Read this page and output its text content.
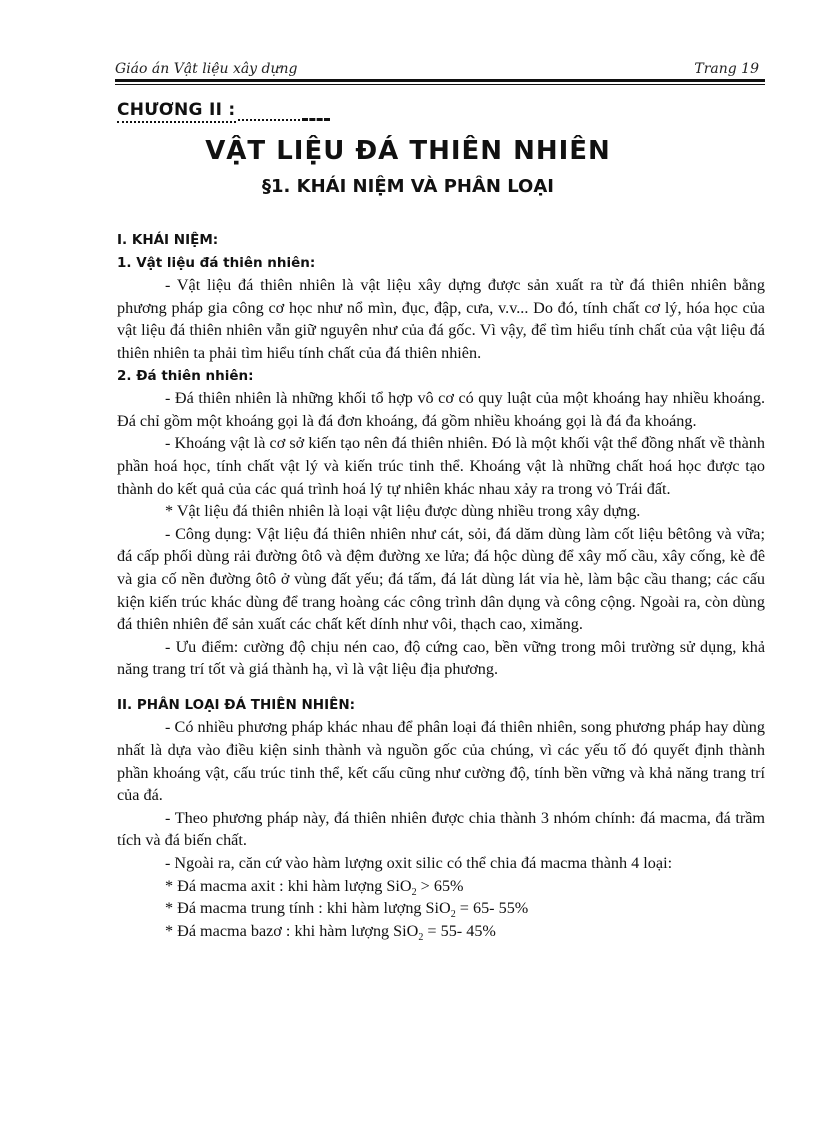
Giáo án Vật liệu xây dựng	Trang 19
CHƯƠNG II :
VẬT LIỆU ĐÁ THIÊN NHIÊN
§1. KHÁI NIỆM VÀ PHÂN LOẠI
I. KHÁI NIỆM:
1. Vật liệu đá thiên nhiên:

- Vật liệu đá thiên nhiên là vật liệu xây dựng được sản xuất ra từ đá thiên nhiên bằng phương pháp gia công cơ học như nổ mìn, đục, đập, cưa, v.v... Do đó, tính chất cơ lý, hóa học của vật liệu đá thiên nhiên vẫn giữ nguyên như của đá gốc. Vì vậy, để tìm hiểu tính chất của vật liệu đá thiên nhiên ta phải tìm hiểu tính chất của đá thiên nhiên.

2. Đá thiên nhiên:

- Đá thiên nhiên là những khối tổ hợp vô cơ có quy luật của một khoáng hay nhiều khoáng. Đá chỉ gồm một khoáng gọi là đá đơn khoáng, đá gồm nhiều khoáng gọi là đá đa khoáng.

- Khoáng vật là cơ sở kiến tạo nên đá thiên nhiên. Đó là một khối vật thể đồng nhất về thành phần hoá học, tính chất vật lý và kiến trúc tinh thể. Khoáng vật là những chất hoá học được tạo thành do kết quả của các quá trình hoá lý tự nhiên khác nhau xảy ra trong vỏ Trái đất.

* Vật liệu đá thiên nhiên là loại vật liệu được dùng nhiều trong xây dựng.

- Công dụng: Vật liệu đá thiên nhiên như cát, sỏi, đá dăm dùng làm cốt liệu bêtông và vữa; đá cấp phối dùng rải đường ôtô và đệm đường xe lửa; đá hộc dùng để xây mố cầu, xây cống, kè đê và gia cố nền đường ôtô ở vùng đất yếu; đá tấm, đá lát dùng lát vỉa hè, làm bậc cầu thang; các cấu kiện kiến trúc khác dùng để trang hoàng các công trình dân dụng và công cộng. Ngoài ra, còn dùng đá thiên nhiên để sản xuất các chất kết dính như vôi, thạch cao, ximăng.

- Ưu điểm: cường độ chịu nén cao, độ cứng cao, bền vững trong môi trường sử dụng, khả năng trang trí tốt và giá thành hạ, vì là vật liệu địa phương.

II. PHÂN LOẠI ĐÁ THIÊN NHIÊN:

- Có nhiều phương pháp khác nhau để phân loại đá thiên nhiên, song phương pháp hay dùng nhất là dựa vào điều kiện sinh thành và nguồn gốc của chúng, vì các yếu tố đó quyết định thành phần khoáng vật, cấu trúc tinh thể, kết cấu cũng như cường độ, tính bền vững và khả năng trang trí của đá.

- Theo phương pháp này, đá thiên nhiên được chia thành 3 nhóm chính: đá macma, đá trầm tích và đá biến chất.

- Ngoài ra, căn cứ vào hàm lượng oxit silic có thể chia đá macma thành 4 loại:

* Đá macma axit : khi hàm lượng SiO$_2$ > 65%

* Đá macma trung tính : khi hàm lượng SiO$_2$ = 65- 55%

* Đá macma bazơ : khi hàm lượng SiO$_2$ = 55- 45%
